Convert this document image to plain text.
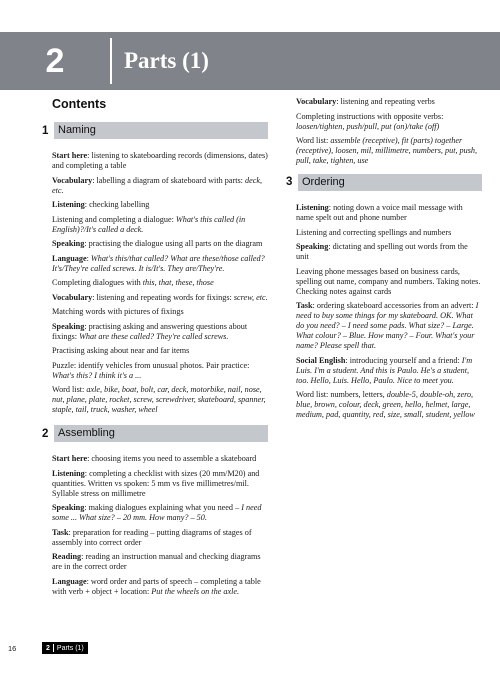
2	Parts (1)
Contents
1 Naming
Start here: listening to skateboarding records (dimensions, dates) and completing a table
Vocabulary: labelling a diagram of skateboard with parts: deck, etc.
Listening: checking labelling
Listening and completing a dialogue: What's this called (in English)?/It's called a deck.
Speaking: practising the dialogue using all parts on the diagram
Language: What's this/that called? What are these/those called? It's/They're called screws. It is/It's. They are/They're.
Completing dialogues with this, that, these, those
Vocabulary: listening and repeating words for fixings: screw, etc.
Matching words with pictures of fixings
Speaking: practising asking and answering questions about fixings: What are these called? They're called screws.
Practising asking about near and far items
Puzzle: identify vehicles from unusual photos. Pair practice: What's this? I think it's a ...
Word list: axle, bike, boat, bolt, car, deck, motorbike, nail, nose, nut, plane, plate, rocket, screw, screwdriver, skateboard, spanner, staple, tail, truck, washer, wheel
2 Assembling
Start here: choosing items you need to assemble a skateboard
Listening: completing a checklist with sizes (20 mm/M20) and quantities. Written vs spoken: 5 mm vs five millimetres/mil. Syllable stress on millimetre
Speaking: making dialogues explaining what you need – I need some ... What size? – 20 mm. How many? – 50.
Task: preparation for reading – putting diagrams of stages of assembly into correct order
Reading: reading an instruction manual and checking diagrams are in the correct order
Language: word order and parts of speech – completing a table with verb + object + location: Put the wheels on the axle.
Vocabulary: listening and repeating verbs
Completing instructions with opposite verbs: loosen/tighten, push/pull, put (on)/take (off)
Word list: assemble (receptive), fit (parts) together (receptive), loosen, mil, millimetre, numbers, put, push, pull, take, tighten, use
3 Ordering
Listening: noting down a voice mail message with name spelt out and phone number
Listening and correcting spellings and numbers
Speaking: dictating and spelling out words from the unit
Leaving phone messages based on business cards, spelling out name, company and numbers. Taking notes. Checking notes against cards
Task: ordering skateboard accessories from an advert: I need to buy some things for my skateboard. OK. What do you need? – I need some pads. What size? – Large. What colour? – Blue. How many? – Four. What's your name? Please spell that.
Social English: introducing yourself and a friend: I'm Luis. I'm a student. And this is Paulo. He's a student, too. Hello, Luis. Hello, Paulo. Nice to meet you.
Word list: numbers, letters, double-5, double-oh, zero, blue, brown, colour, deck, green, hello, helmet, large, medium, pad, quantity, red, size, small, student, yellow
16	2 Parts (1)
